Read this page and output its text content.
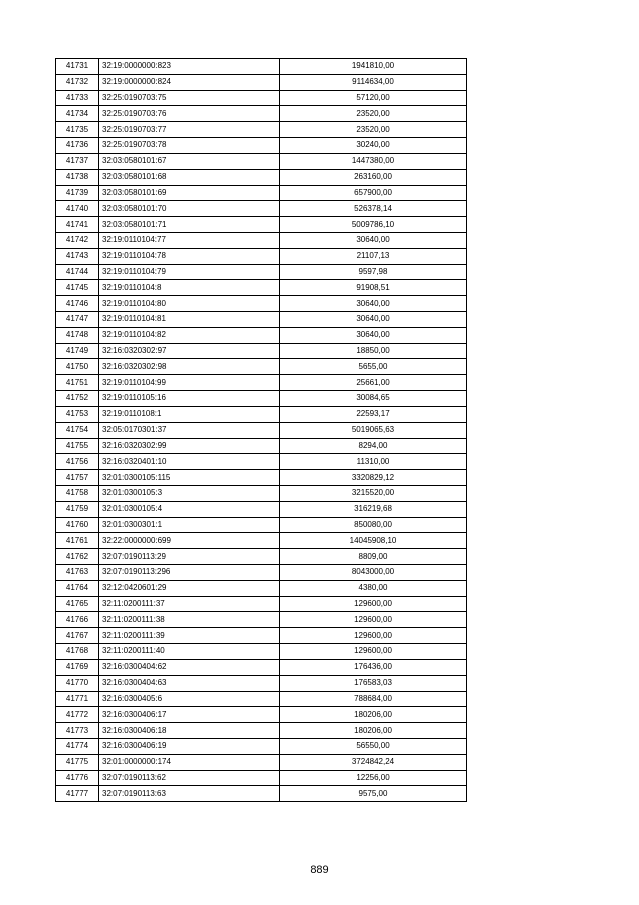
41731	32:19:0000000:823	1941810,00
41732	32:19:0000000:824	9114634,00
41733	32:25:0190703:75	57120,00
41734	32:25:0190703:76	23520,00
41735	32:25:0190703:77	23520,00
41736	32:25:0190703:78	30240,00
41737	32:03:0580101:67	1447380,00
41738	32:03:0580101:68	263160,00
41739	32:03:0580101:69	657900,00
41740	32:03:0580101:70	526378,14
41741	32:03:0580101:71	5009786,10
41742	32:19:0110104:77	30640,00
41743	32:19:0110104:78	21107,13
41744	32:19:0110104:79	9597,98
41745	32:19:0110104:8	91908,51
41746	32:19:0110104:80	30640,00
41747	32:19:0110104:81	30640,00
41748	32:19:0110104:82	30640,00
41749	32:16:0320302:97	18850,00
41750	32:16:0320302:98	5655,00
41751	32:19:0110104:99	25661,00
41752	32:19:0110105:16	30084,65
41753	32:19:0110108:1	22593,17
41754	32:05:0170301:37	5019065,63
41755	32:16:0320302:99	8294,00
41756	32:16:0320401:10	11310,00
41757	32:01:0300105:115	3320829,12
41758	32:01:0300105:3	3215520,00
41759	32:01:0300105:4	316219,68
41760	32:01:0300301:1	850080,00
41761	32:22:0000000:699	14045908,10
41762	32:07:0190113:29	8809,00
41763	32:07:0190113:296	8043000,00
41764	32:12:0420601:29	4380,00
41765	32:11:0200111:37	129600,00
41766	32:11:0200111:38	129600,00
41767	32:11:0200111:39	129600,00
41768	32:11:0200111:40	129600,00
41769	32:16:0300404:62	176436,00
41770	32:16:0300404:63	176583,03
41771	32:16:0300405:6	788684,00
41772	32:16:0300406:17	180206,00
41773	32:16:0300406:18	180206,00
41774	32:16:0300406:19	56550,00
41775	32:01:0000000:174	3724842,24
41776	32:07:0190113:62	12256,00
41777	32:07:0190113:63	9575,00
889
